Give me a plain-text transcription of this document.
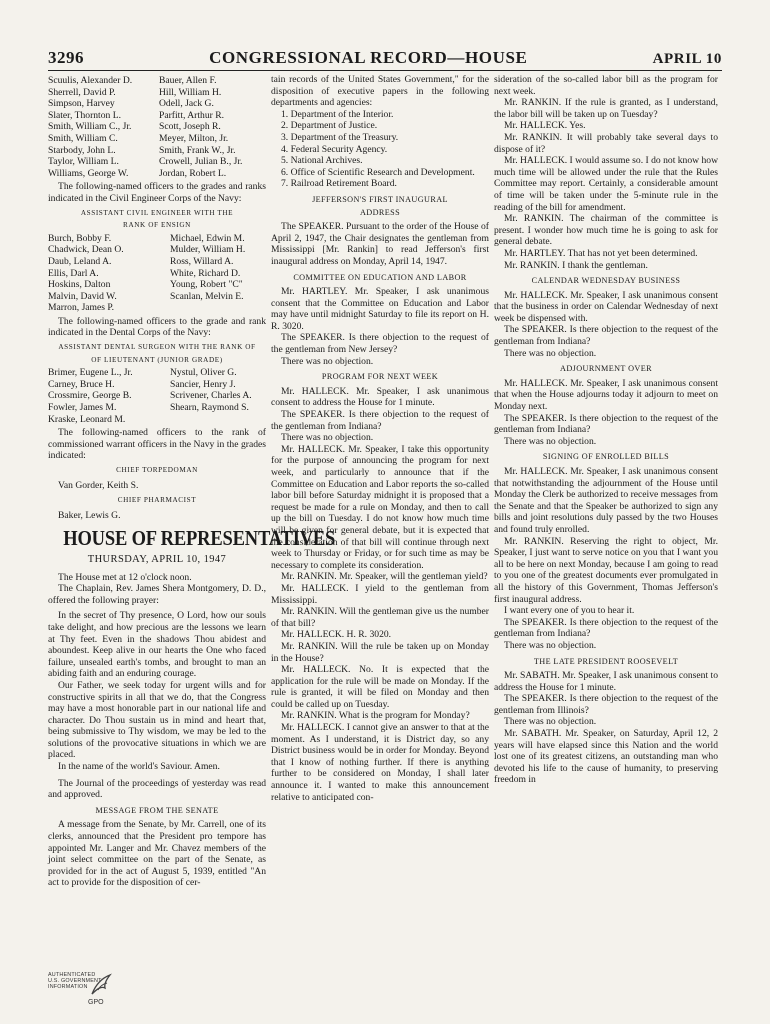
3296	CONGRESSIONAL RECORD—HOUSE	APRIL 10
Scuulis, Alexander D.	Bauer, Allen F.
Sherrell, David P.	Hill, William H.
Simpson, Harvey	Odell, Jack G.
Slater, Thornton L.	Parfitt, Arthur R.
Smith, William C., Jr.	Scott, Joseph R.
Smith, William C.	Meyer, Milton, Jr.
Starbody, John L.	Smith, Frank W., Jr.
Taylor, William L.	Crowell, Julian B., Jr.
Williams, George W.	Jordan, Robert L.

The following-named officers to the grades and ranks indicated in the Civil Engineer Corps of the Navy:

ASSISTANT CIVIL ENGINEER WITH THE
RANK OF ENSIGN
Burch, Bobby F.	Michael, Edwin M.
Chadwick, Dean O.	Mulder, William H.
Daub, Leland A.	Ross, Willard A.
Ellis, Darl A.	White, Richard D.
Hoskins, Dalton	Young, Robert "C"
Malvin, David W.	Scanlan, Melvin E.
Marron, James P.

The following-named officers to the grade and rank indicated in the Dental Corps of the Navy:

ASSISTANT DENTAL SURGEON WITH THE RANK OF
OF LIEUTENANT (JUNIOR GRADE)
Brimer, Eugene L., Jr.	Nystul, Oliver G.
Carney, Bruce H.	Sancier, Henry J.
Crossmire, George B.	Scrivener, Charles A.
Fowler, James M.	Shearn, Raymond S.
Kraske, Leonard M.

The following-named officers to the rank of commissioned warrant officers in the Navy in the grades indicated:

CHIEF TORPEDOMAN
Van Gorder, Keith S.
CHIEF PHARMACIST
Baker, Lewis G.
HOUSE OF REPRESENTATIVES
THURSDAY, APRIL 10, 1947

The House met at 12 o'clock noon.

The Chaplain, Rev. James Shera Montgomery, D. D., offered the following prayer:

In the secret of Thy presence, O Lord, how our souls take delight, and how precious are the lessons we learn at Thy feet. Even in the shadows Thou abidest and aboundest. Keep alive in our hearts the One who faced failure, unsealed earth's tombs, and brought to man an abiding faith and an enduring courage.

Our Father, we seek today for urgent wills and for constructive spirits in all that we do, that the Congress may have a most honorable part in our national life and character. Do Thou sustain us in mind and heart that, being submissive to Thy wisdom, we may be led to the solutions of the provocative situations in which we are placed.

In the name of the world's Saviour. Amen.

The Journal of the proceedings of yesterday was read and approved.

MESSAGE FROM THE SENATE

A message from the Senate, by Mr. Carrell, one of its clerks, announced that the President pro tempore has appointed Mr. Langer and Mr. Chavez members of the joint select committee on the part of the Senate, as provided for in the act of August 5, 1939, entitled "An act to provide for the disposition of cer-

tain records of the United States Government," for the disposition of executive papers in the following departments and agencies:

1. Department of the Interior.
2. Department of Justice.
3. Department of the Treasury.
4. Federal Security Agency.
5. National Archives.
6. Office of Scientific Research and Development.
7. Railroad Retirement Board.
JEFFERSON'S FIRST INAUGURAL
ADDRESS

The SPEAKER. Pursuant to the order of the House of April 2, 1947, the Chair designates the gentleman from Mississippi [Mr. Rankin] to read Jefferson's first inaugural address on Monday, April 14, 1947.

COMMITTEE ON EDUCATION AND LABOR

Mr. HARTLEY. Mr. Speaker, I ask unanimous consent that the Committee on Education and Labor may have until midnight Saturday to file its report on H. R. 3020.

The SPEAKER. Is there objection to the request of the gentleman from New Jersey?

There was no objection.

PROGRAM FOR NEXT WEEK

Mr. HALLECK. Mr. Speaker, I ask unanimous consent to address the House for 1 minute.

The SPEAKER. Is there objection to the request of the gentleman from Indiana?

There was no objection.

Mr. HALLECK. Mr. Speaker, I take this opportunity for the purpose of announcing the program for next week, and particularly to announce that if the Committee on Education and Labor reports the so-called labor bill before Saturday midnight it is proposed that a request be made for a rule on Monday, and then to call up the bill on Tuesday. I do not know how much time will be given for general debate, but it is expected that the consideration of that bill will continue through next week to Thursday or Friday, or for such time as may be necessary to complete its consideration.

Mr. RANKIN. Mr. Speaker, will the gentleman yield?

Mr. HALLECK. I yield to the gentleman from Mississippi.

Mr. RANKIN. Will the gentleman give us the number of that bill?

Mr. HALLECK. H. R. 3020.

Mr. RANKIN. Will the rule be taken up on Monday in the House?

Mr. HALLECK. No. It is expected that the application for the rule will be made on Monday. If the rule is granted, it will be filed on Monday and then could be called up on Tuesday.

Mr. RANKIN. What is the program for Monday?

Mr. HALLECK. I cannot give an answer to that at the moment. As I understand, it is District day, so any District business would be in order for Monday. Beyond that I know of nothing further. If there is anything further to be considered on Monday, I shall later announce it. I wanted to make this announcement relative to anticipated con-

sideration of the so-called labor bill as the program for next week.

Mr. RANKIN. If the rule is granted, as I understand, the labor bill will be taken up on Tuesday?

Mr. HALLECK. Yes.

Mr. RANKIN. It will probably take several days to dispose of it?

Mr. HALLECK. I would assume so. I do not know how much time will be allowed under the rule that the Rules Committee may report. Certainly, a considerable amount of time will be taken under the 5-minute rule in the reading of the bill for amendment.

Mr. RANKIN. The chairman of the committee is present. I wonder how much time he is going to ask for general debate.

Mr. HARTLEY. That has not yet been determined.

Mr. RANKIN. I thank the gentleman.

CALENDAR WEDNESDAY BUSINESS

Mr. HALLECK. Mr. Speaker, I ask unanimous consent that the business in order on Calendar Wednesday of next week be dispensed with.

The SPEAKER. Is there objection to the request of the gentleman from Indiana?

There was no objection.

ADJOURNMENT OVER

Mr. HALLECK. Mr. Speaker, I ask unanimous consent that when the House adjourns today it adjourn to meet on Monday next.

The SPEAKER. Is there objection to the request of the gentleman from Indiana?

There was no objection.

SIGNING OF ENROLLED BILLS

Mr. HALLECK. Mr. Speaker, I ask unanimous consent that notwithstanding the adjournment of the House until Monday the Clerk be authorized to receive messages from the Senate and that the Speaker be authorized to sign any bills and joint resolutions duly passed by the two Houses and found truly enrolled.

Mr. RANKIN. Reserving the right to object, Mr. Speaker, I just want to serve notice on you that I want you all to be here on next Monday, because I am going to read to you one of the greatest documents ever promulgated in all the history of this Government, Thomas Jefferson's first inaugural address.

I want every one of you to hear it.

The SPEAKER. Is there objection to the request of the gentleman from Indiana?

There was no objection.

THE LATE PRESIDENT ROOSEVELT

Mr. SABATH. Mr. Speaker, I ask unanimous consent to address the House for 1 minute.

The SPEAKER. Is there objection to the request of the gentleman from Illinois?

There was no objection.

Mr. SABATH. Mr. Speaker, on Saturday, April 12, 2 years will have elapsed since this Nation and the world lost one of its greatest citizens, an outstanding man who devoted his life to the cause of humanity, to preserving freedom in

AUTHENTICATED
U.S. GOVERNMENT
INFORMATION
GPO
